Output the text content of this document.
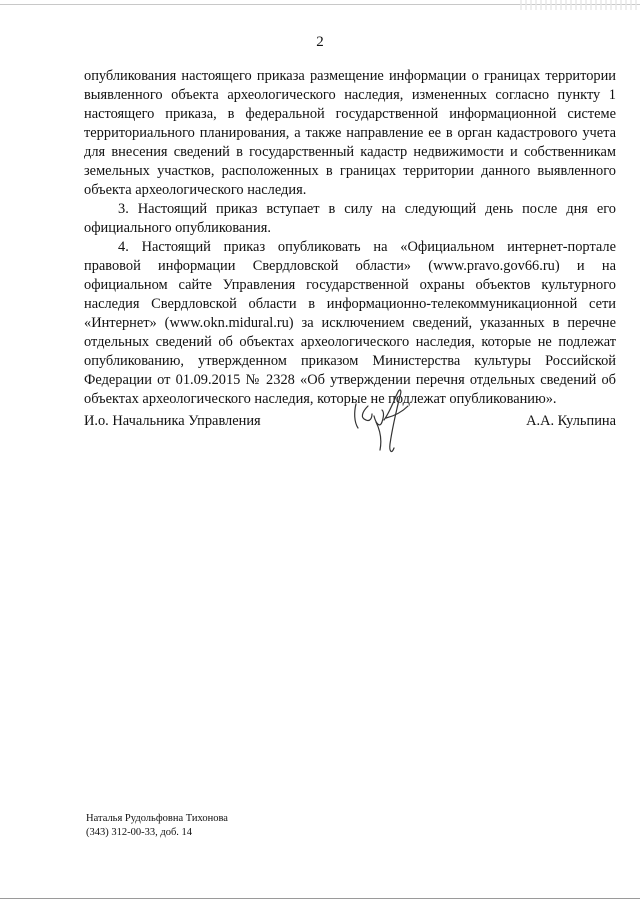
2

опубликования настоящего приказа размещение информации о границах территории выявленного объекта археологического наследия, измененных согласно пункту 1 настоящего приказа, в федеральной государственной информационной системе территориального планирования, а также направление ее в орган кадастрового учета для внесения сведений в государственный кадастр недвижимости и собственникам земельных участков, расположенных в границах территории данного выявленного объекта археологического наследия.

3. Настоящий приказ вступает в силу на следующий день после дня его официального опубликования.

4. Настоящий приказ опубликовать на «Официальном интернет-портале правовой информации Свердловской области» (www.pravo.gov66.ru) и на официальном сайте Управления государственной охраны объектов культурного наследия Свердловской области в информационно-телекоммуникационной сети «Интернет» (www.okn.midural.ru) за исключением сведений, указанных в перечне отдельных сведений об объектах археологического наследия, которые не подлежат опубликованию, утвержденном приказом Министерства культуры Российской Федерации от 01.09.2015 № 2328 «Об утверждении перечня отдельных сведений об объектах археологического наследия, которые не подлежат опубликованию».

И.о. Начальника Управления	А.А. Кульпина
Наталья Рудольфовна Тихонова
(343) 312-00-33, доб. 14
